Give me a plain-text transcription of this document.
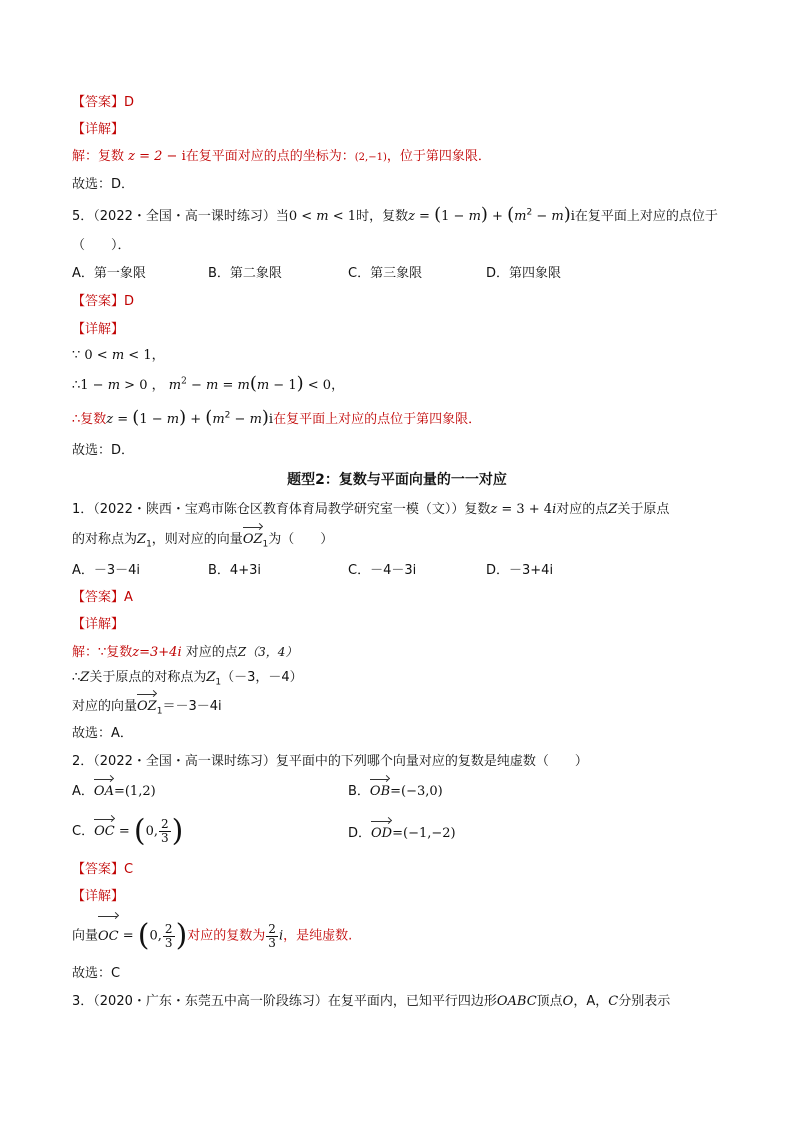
【答案】D
【详解】
解：复数 z = 2 − i在复平面对应的点的坐标为：(2,−1)，位于第四象限．
故选：D．
5．（2022・全国・高一课时练习）当0 < m < 1时，复数$z = (1 - m) + (m^2 - m)i$在复平面上对应的点位于
（　　）．
A．第一象限	B．第二象限	C．第三象限	D．第四象限
【答案】D
【详解】
∵ 0 < m < 1，
∴1 − m > 0 ， $m^2 - m = m(m - 1) < 0$，
∴复数$z = (1 - m) + (m^2 - m)i$在复平面上对应的点位于第四象限．
故选：D．
题型2：复数与平面向量的一一对应
1．（2022・陕西・宝鸡市陈仓区教育体育局教学研究室一模（文））复数z = 3 + 4i对应的点Z关于原点
的对称点为$Z_1$，则对应的向量$OZ_1$为（　　）
A．－3－4i	B．4+3i	C．－4－3i	D．－3+4i
【答案】A
【详解】
解：∵复数z=3+4i 对应的点Z（3，4）
∴Z关于原点的对称点为$Z_1(-3$，－4）
对应的向量$OZ_1=-3-4i$
故选：A．
2．（2022・全国・高一课时练习）复平面中的下列哪个向量对应的复数是纯虚数（　　）
A．OA=(1,2)	B．OB=(−3,0)
C．OC = (0, $\frac{2}{3}$ )	D．OD=(−1,−2)
【答案】C
【详解】
向量OC = (0, $\frac{2}{3}$ )对应的复数为 $\frac{2}{3}$ i，是纯虚数.
故选：C
3．（2020・广东・东莞五中高一阶段练习）在复平面内，已知平行四边形OABC顶点O，A，C分别表示
